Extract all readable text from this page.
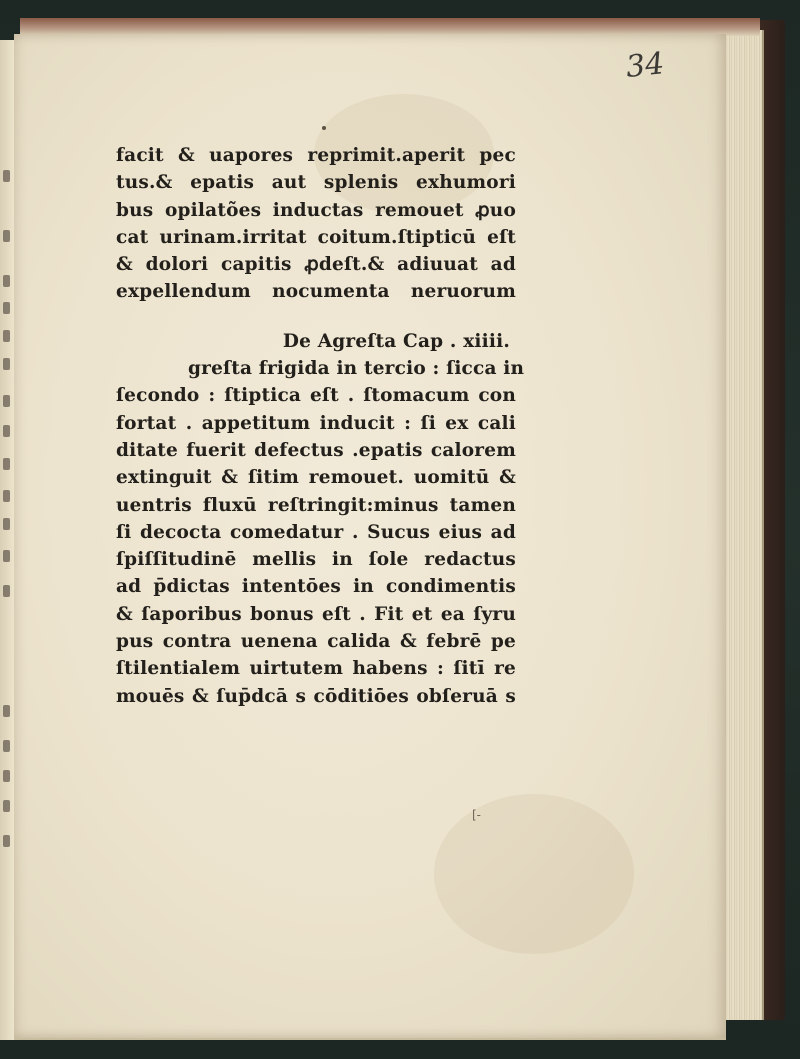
34
facit & uapores reprimit.aperit pec
tus.& epatis aut splenis exhumori
bus opilatões inductas remouet ꝓuo
cat urinam.irritat coitum.ſtipticū eſt
& dolori capitis ꝓdeſt.& adiuuat ad
expellendum nocumenta neruorum
De Agreſta Cap . xiiii.
greſta frigida in tercio : ſicca in
ſecondo : ſtiptica eſt . ſtomacum con
fortat . appetitum inducit : ſi ex cali
ditate fuerit defectus .epatis calorem
extinguit & ſitim remouet. uomitū &
uentris fluxū reſtringit:minus tamen
ſi decocta comedatur . Sucus eius ad
ſpiſſitudinē mellis in ſole redactus
ad p̄dictas intentōes in condimentis
& ſaporibus bonus eſt . Fit et ea ſyru
pus contra uenena calida & febrē pe
ſtilentialem uirtutem habens : ſitī re
mouēs & ſup̄dcā s cōditiōes obſeruā s
[-
